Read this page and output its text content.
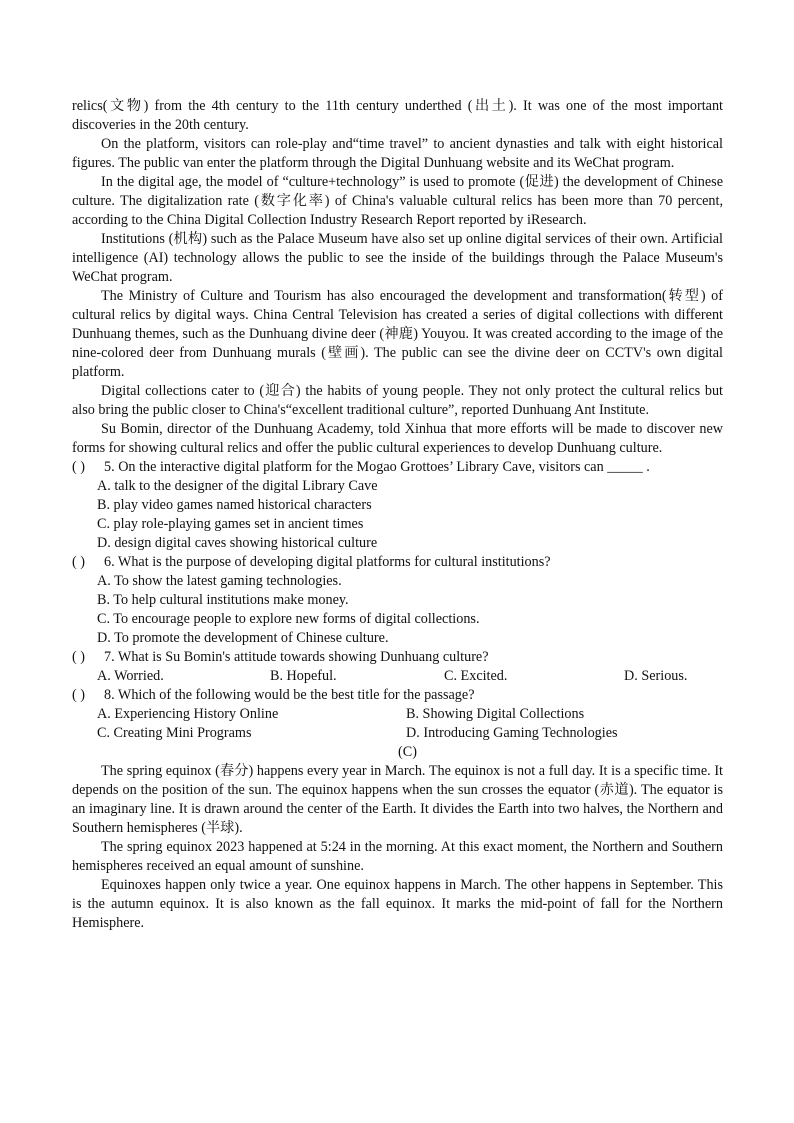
relics(文物) from the 4th century to the 11th century underthed (出土). It was one of the most important discoveries in the 20th century.

On the platform, visitors can role-play and“time travel” to ancient dynasties and talk with eight historical figures. The public van enter the platform through the Digital Dunhuang website and its WeChat program.

In the digital age, the model of “culture+technology” is used to promote (促进) the development of Chinese culture. The digitalization rate (数字化率) of China's valuable cultural relics has been more than 70 percent, according to the China Digital Collection Industry Research Report reported by iResearch.

Institutions (机构) such as the Palace Museum have also set up online digital services of their own. Artificial intelligence (AI) technology allows the public to see the inside of the buildings through the Palace Museum's WeChat program.

The Ministry of Culture and Tourism has also encouraged the development and transformation(转型) of cultural relics by digital ways. China Central Television has created a series of digital collections with different Dunhuang themes, such as the Dunhuang divine deer (神鹿) Youyou. It was created according to the image of the nine-colored deer from Dunhuang murals (壁画). The public can see the divine deer on CCTV's own digital platform.

Digital collections cater to (迎合) the habits of young people. They not only protect the cultural relics but also bring the public closer to China's“excellent traditional culture”, reported Dunhuang Ant Institute.

Su Bomin, director of the Dunhuang Academy, told Xinhua that more efforts will be made to discover new forms for showing cultural relics and offer the public cultural experiences to develop Dunhuang culture.

( ) 5. On the interactive digital platform for the Mogao Grottoes’ Library Cave, visitors can _____ .

A. talk to the designer of the digital Library Cave

B. play video games named historical characters

C. play role-playing games set in ancient times

D. design digital caves showing historical culture

( ) 6. What is the purpose of developing digital platforms for cultural institutions?

A. To show the latest gaming technologies.

B. To help cultural institutions make money.

C. To encourage people to explore new forms of digital collections.

D. To promote the development of Chinese culture.

( ) 7. What is Su Bomin's attitude towards showing Dunhuang culture?

A. Worried.	B. Hopeful.	C. Excited.	D. Serious.

( ) 8. Which of the following would be the best title for the passage?

A. Experiencing History Online	B. Showing Digital Collections
C. Creating Mini Programs	D. Introducing Gaming Technologies

(C)

The spring equinox (春分) happens every year in March. The equinox is not a full day. It is a specific time. It depends on the position of the sun. The equinox happens when the sun crosses the equator (赤道). The equator is an imaginary line. It is drawn around the center of the Earth. It divides the Earth into two halves, the Northern and Southern hemispheres (半球).

The spring equinox 2023 happened at 5:24 in the morning. At this exact moment, the Northern and Southern hemispheres received an equal amount of sunshine.

Equinoxes happen only twice a year. One equinox happens in March. The other happens in September. This is the autumn equinox. It is also known as the fall equinox. It marks the mid-point of fall for the Northern Hemisphere.
